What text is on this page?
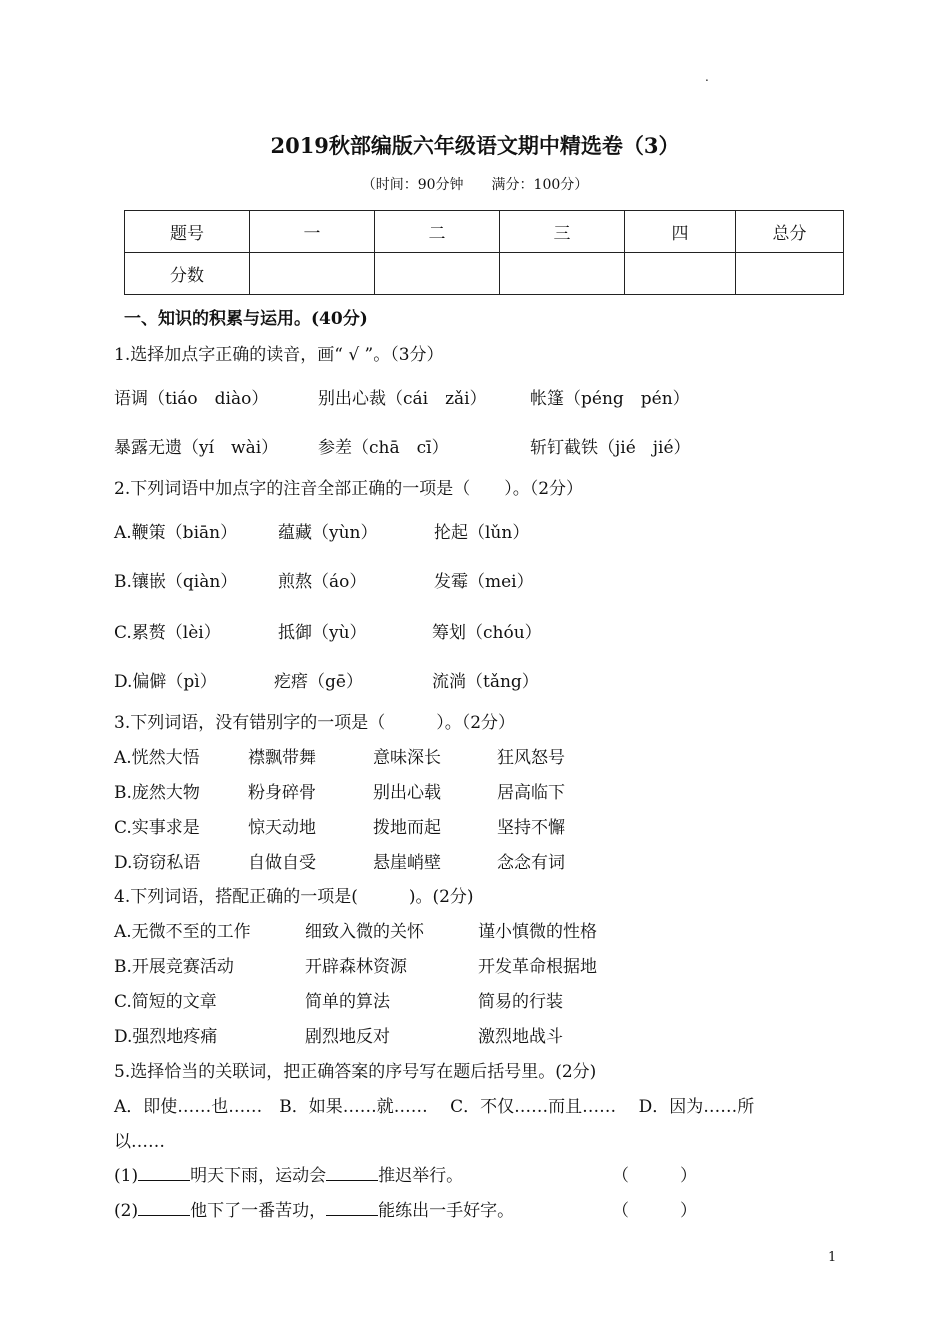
.
2019秋部编版六年级语文期中精选卷（3）
（时间：90分钟　　满分：100分）
题号	一	二	三	四	总分
分数					
一、知识的积累与运用。(40分)
1.选择加点字正确的读音，画“ √ ”。（3分）
语调（tiáo　diào）	别出心裁（cái　zǎi）	帐篷（péng　pén）
暴露无遗（yí　wài） 参差（chā　cī）	斩钉截铁（jié　jié）
2.下列词语中加点字的注音全部正确的一项是（　　）。（2分）
A.鞭策（biān） 蕴藏（yùn）	抡起（lǔn）
B.镶嵌（qiàn） 煎熬（áo）	发霉（mei）
C.累赘（lèi）	抵御（yù）	筹划（chóu）
D.偏僻（pì）	疙瘩（gē）	流淌（tǎng）
3.下列词语，没有错别字的一项是（　　　）。（2分）
A.恍然大悟	襟飘带舞	意味深长	狂风怒号
B.庞然大物	粉身碎骨	别出心载	居高临下
C.实事求是	惊天动地	拨地而起	坚持不懈
D.窃窃私语	自做自受	悬崖峭壁	念念有词
4.下列词语，搭配正确的一项是(　　　)。(2分)
A.无微不至的工作	细致入微的关怀	谨小慎微的性格
B.开展竞赛活动	开辟森林资源	开发革命根据地
C.简短的文章	简单的算法	简易的行装
D.强烈地疼痛	剧烈地反对	激烈地战斗
5.选择恰当的关联词，把正确答案的序号写在题后括号里。(2分)
A．即使……也……　B．如果……就……　 C．不仅……而且……　 D．因为……所
以……
(1)	明天下雨，运动会	推迟举行。	（　　　）
(2)	他下了一番苦功，	能练出一手好字。	（　　　）
1
